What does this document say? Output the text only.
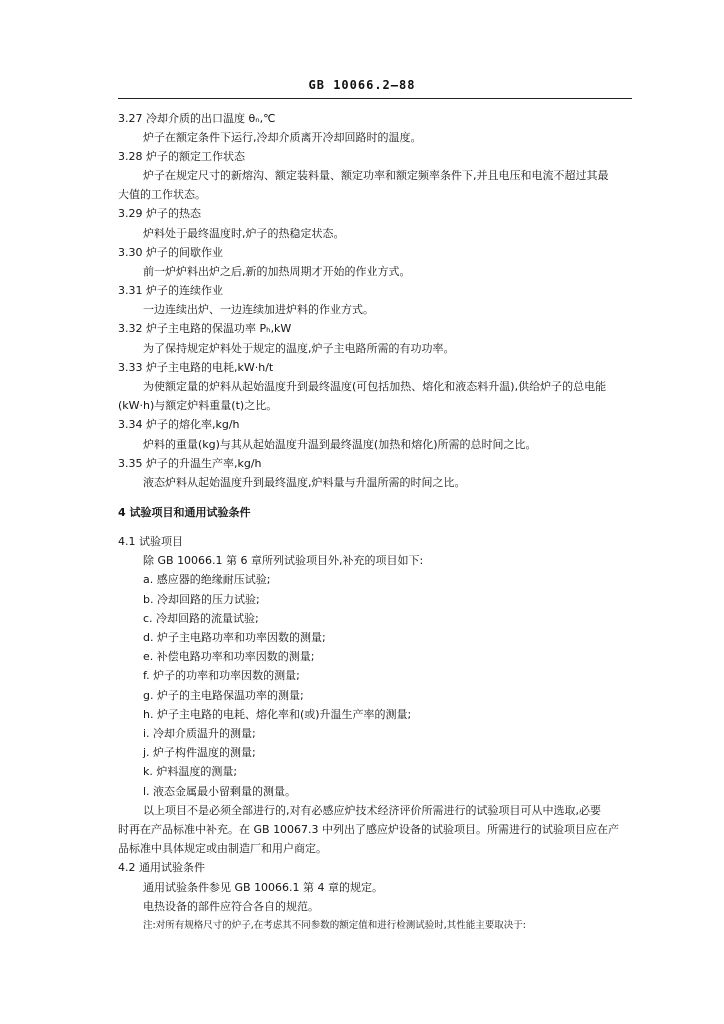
GB 10066.2—88
3.27 冷却介质的出口温度 θₙ,℃
炉子在额定条件下运行,冷却介质离开冷却回路时的温度。
3.28 炉子的额定工作状态
炉子在规定尺寸的新熔沟、额定装料量、额定功率和额定频率条件下,并且电压和电流不超过其最
大值的工作状态。
3.29 炉子的热态
炉料处于最终温度时,炉子的热稳定状态。
3.30 炉子的间歇作业
前一炉炉料出炉之后,新的加热周期才开始的作业方式。
3.31 炉子的连续作业
一边连续出炉、一边连续加进炉料的作业方式。
3.32 炉子主电路的保温功率 Pₕ,kW
为了保持规定炉料处于规定的温度,炉子主电路所需的有功功率。
3.33 炉子主电路的电耗,kW·h/t
为使额定量的炉料从起始温度升到最终温度(可包括加热、熔化和液态料升温),供给炉子的总电能
(kW·h)与额定炉料重量(t)之比。
3.34 炉子的熔化率,kg/h
炉料的重量(kg)与其从起始温度升温到最终温度(加热和熔化)所需的总时间之比。
3.35 炉子的升温生产率,kg/h
液态炉料从起始温度升到最终温度,炉料量与升温所需的时间之比。
4 试验项目和通用试验条件
4.1 试验项目
除 GB 10066.1 第 6 章所列试验项目外,补充的项目如下:
a. 感应器的绝缘耐压试验;
b. 冷却回路的压力试验;
c. 冷却回路的流量试验;
d. 炉子主电路功率和功率因数的测量;
e. 补偿电路功率和功率因数的测量;
f. 炉子的功率和功率因数的测量;
g. 炉子的主电路保温功率的测量;
h. 炉子主电路的电耗、熔化率和(或)升温生产率的测量;
i. 冷却介质温升的测量;
j. 炉子构件温度的测量;
k. 炉料温度的测量;
l. 液态金属最小留剩量的测量。
以上项目不是必须全部进行的,对有必感应炉技术经济评价所需进行的试验项目可从中选取,必要
时再在产品标准中补充。在 GB 10067.3 中列出了感应炉设备的试验项目。所需进行的试验项目应在产
品标准中具体规定或由制造厂和用户商定。
4.2 通用试验条件
通用试验条件参见 GB 10066.1 第 4 章的规定。
电热设备的部件应符合各自的规范。
注:对所有规格尺寸的炉子,在考虑其不同参数的额定值和进行检测试验时,其性能主要取决于:
